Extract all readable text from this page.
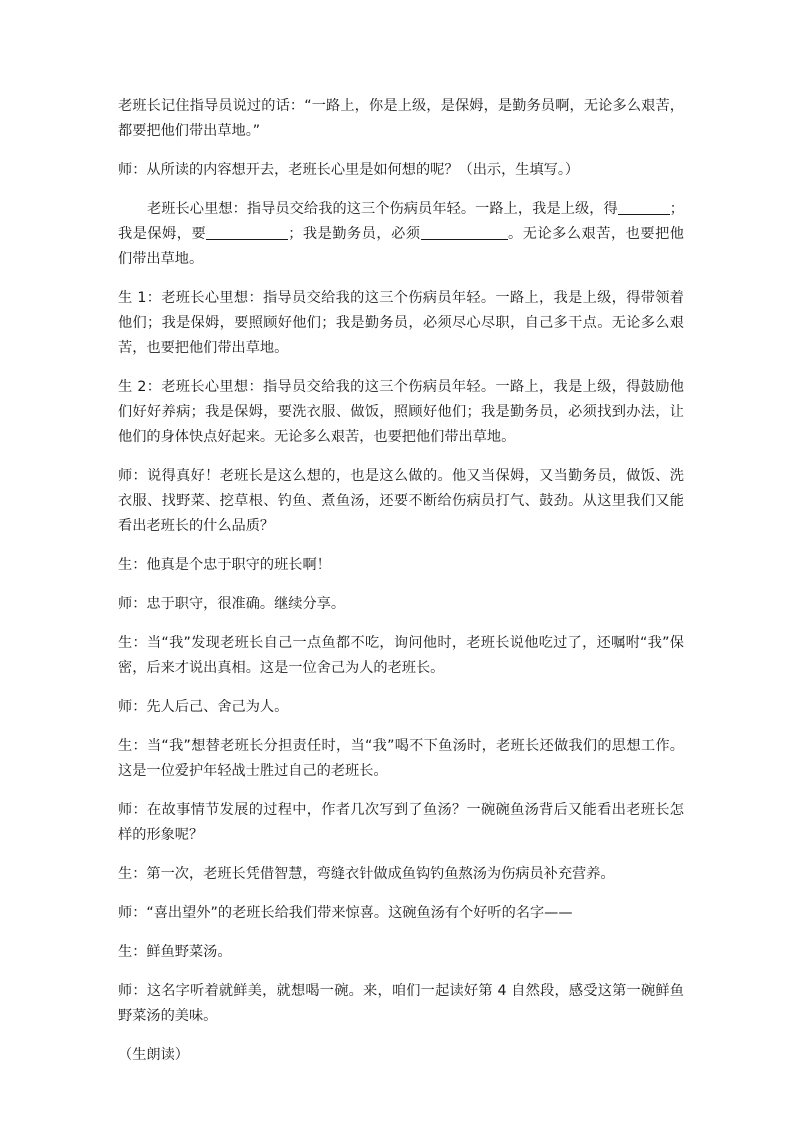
老班长记住指导员说过的话：“一路上，你是上级，是保姆，是勤务员啊，无论多么艰苦，都要把他们带出草地。”

师：从所读的内容想开去，老班长心里是如何想的呢？（出示，生填写。）

老班长心里想：指导员交给我的这三个伤病员年轻。一路上，我是上级，得	；我是保姆，要	；我是勤务员，必须	。无论多么艰苦，也要把他们带出草地。

生 1：老班长心里想：指导员交给我的这三个伤病员年轻。一路上，我是上级，得带领着他们；我是保姆，要照顾好他们；我是勤务员，必须尽心尽职，自己多干点。无论多么艰苦，也要把他们带出草地。

生 2：老班长心里想：指导员交给我的这三个伤病员年轻。一路上，我是上级，得鼓励他们好好养病；我是保姆，要洗衣服、做饭，照顾好他们；我是勤务员，必须找到办法，让他们的身体快点好起来。无论多么艰苦，也要把他们带出草地。

师：说得真好！老班长是这么想的，也是这么做的。他又当保姆，又当勤务员，做饭、洗衣服、找野菜、挖草根、钓鱼、煮鱼汤，还要不断给伤病员打气、鼓劲。从这里我们又能看出老班长的什么品质？

生：他真是个忠于职守的班长啊！

师：忠于职守，很准确。继续分享。

生：当“我”发现老班长自己一点鱼都不吃，询问他时，老班长说他吃过了，还嘱咐“我”保密，后来才说出真相。这是一位舍己为人的老班长。

师：先人后己、舍己为人。

生：当“我”想替老班长分担责任时，当“我”喝不下鱼汤时，老班长还做我们的思想工作。这是一位爱护年轻战士胜过自己的老班长。

师：在故事情节发展的过程中，作者几次写到了鱼汤？一碗碗鱼汤背后又能看出老班长怎样的形象呢？

生：第一次，老班长凭借智慧，弯缝衣针做成鱼钩钓鱼熬汤为伤病员补充营养。

师：“喜出望外”的老班长给我们带来惊喜。这碗鱼汤有个好听的名字——

生：鲜鱼野菜汤。

师：这名字听着就鲜美，就想喝一碗。来，咱们一起读好第 4 自然段，感受这第一碗鲜鱼野菜汤的美味。

（生朗读）
